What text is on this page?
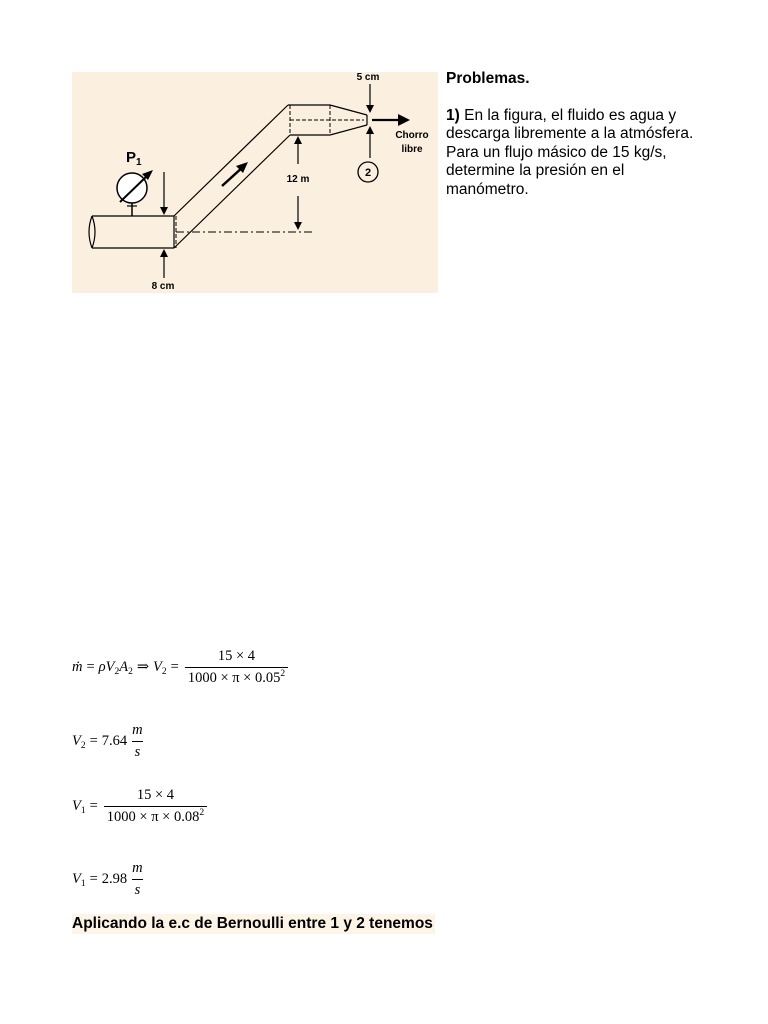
12 m
5 cm
2
Chorro
libre
$P_1$
8 cm

Problemas.

1) En la figura, el fluido es agua y descarga libremente a la atmósfera. Para un flujo másico de 15 kg/s, determine la presión en el manómetro.

ṁ = ρ V 2 A 2 ⇒ V $2 = \frac{15 \times 4}{1000 \times \pi \times 0.05^2}$
V $2 = 7.64 \frac{m}{s}$
V $1 = \frac{15 \times 4}{1000 \times \pi \times 0.08^2}$
V $1 = 2.98 \frac{m}{s}$
Aplicando la e.c de Bernoulli entre 1 y 2 tenemos
